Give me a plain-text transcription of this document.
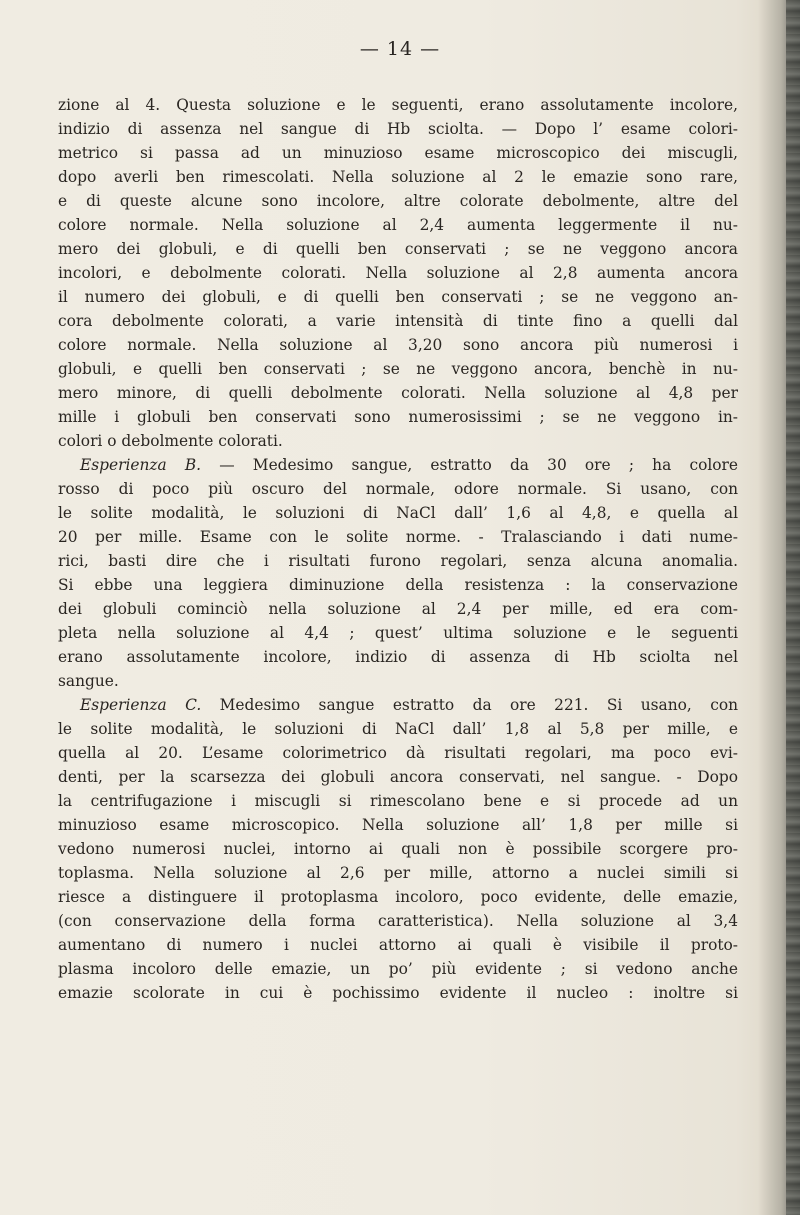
— 14 —
zione al 4. Questa soluzione e le seguenti, erano assolutamente incolore,
indizio di assenza nel sangue di Hb sciolta. — Dopo l’ esame colori-
metrico si passa ad un minuzioso esame microscopico dei miscugli,
dopo averli ben rimescolati. Nella soluzione al 2 le emazie sono rare,
e di queste alcune sono incolore, altre colorate debolmente, altre del
colore normale. Nella soluzione al 2,4 aumenta leggermente il nu-
mero dei globuli, e di quelli ben conservati ; se ne veggono ancora
incolori, e debolmente colorati. Nella soluzione al 2,8 aumenta ancora
il numero dei globuli, e di quelli ben conservati ; se ne veggono an-
cora debolmente colorati, a varie intensità di tinte fino a quelli dal
colore normale. Nella soluzione al 3,20 sono ancora più numerosi i
globuli, e quelli ben conservati ; se ne veggono ancora, benchè in nu-
mero minore, di quelli debolmente colorati. Nella soluzione al 4,8 per
mille i globuli ben conservati sono numerosissimi ; se ne veggono in-
colori o debolmente colorati.
Esperienza B. — Medesimo sangue, estratto da 30 ore ; ha colore
rosso di poco più oscuro del normale, odore normale. Si usano, con
le solite modalità, le soluzioni di NaCl dall’ 1,6 al 4,8, e quella al
20 per mille. Esame con le solite norme. - Tralasciando i dati nume-
rici, basti dire che i risultati furono regolari, senza alcuna anomalia.
Si ebbe una leggiera diminuzione della resistenza : la conservazione
dei globuli cominciò nella soluzione al 2,4 per mille, ed era com-
pleta nella soluzione al 4,4 ; quest’ ultima soluzione e le seguenti
erano assolutamente incolore, indizio di assenza di Hb sciolta nel
sangue.
Esperienza C. Medesimo sangue estratto da ore 221. Si usano, con
le solite modalità, le soluzioni di NaCl dall’ 1,8 al 5,8 per mille, e
quella al 20. L’esame colorimetrico dà risultati regolari, ma poco evi-
denti, per la scarsezza dei globuli ancora conservati, nel sangue. - Dopo
la centrifugazione i miscugli si rimescolano bene e si procede ad un
minuzioso esame microscopico. Nella soluzione all’ 1,8 per mille si
vedono numerosi nuclei, intorno ai quali non è possibile scorgere pro-
toplasma. Nella soluzione al 2,6 per mille, attorno a nuclei simili si
riesce a distinguere il protoplasma incoloro, poco evidente, delle emazie,
(con conservazione della forma caratteristica). Nella soluzione al 3,4
aumentano di numero i nuclei attorno ai quali è visibile il proto-
plasma incoloro delle emazie, un po’ più evidente ; si vedono anche
emazie scolorate in cui è pochissimo evidente il nucleo : inoltre si
